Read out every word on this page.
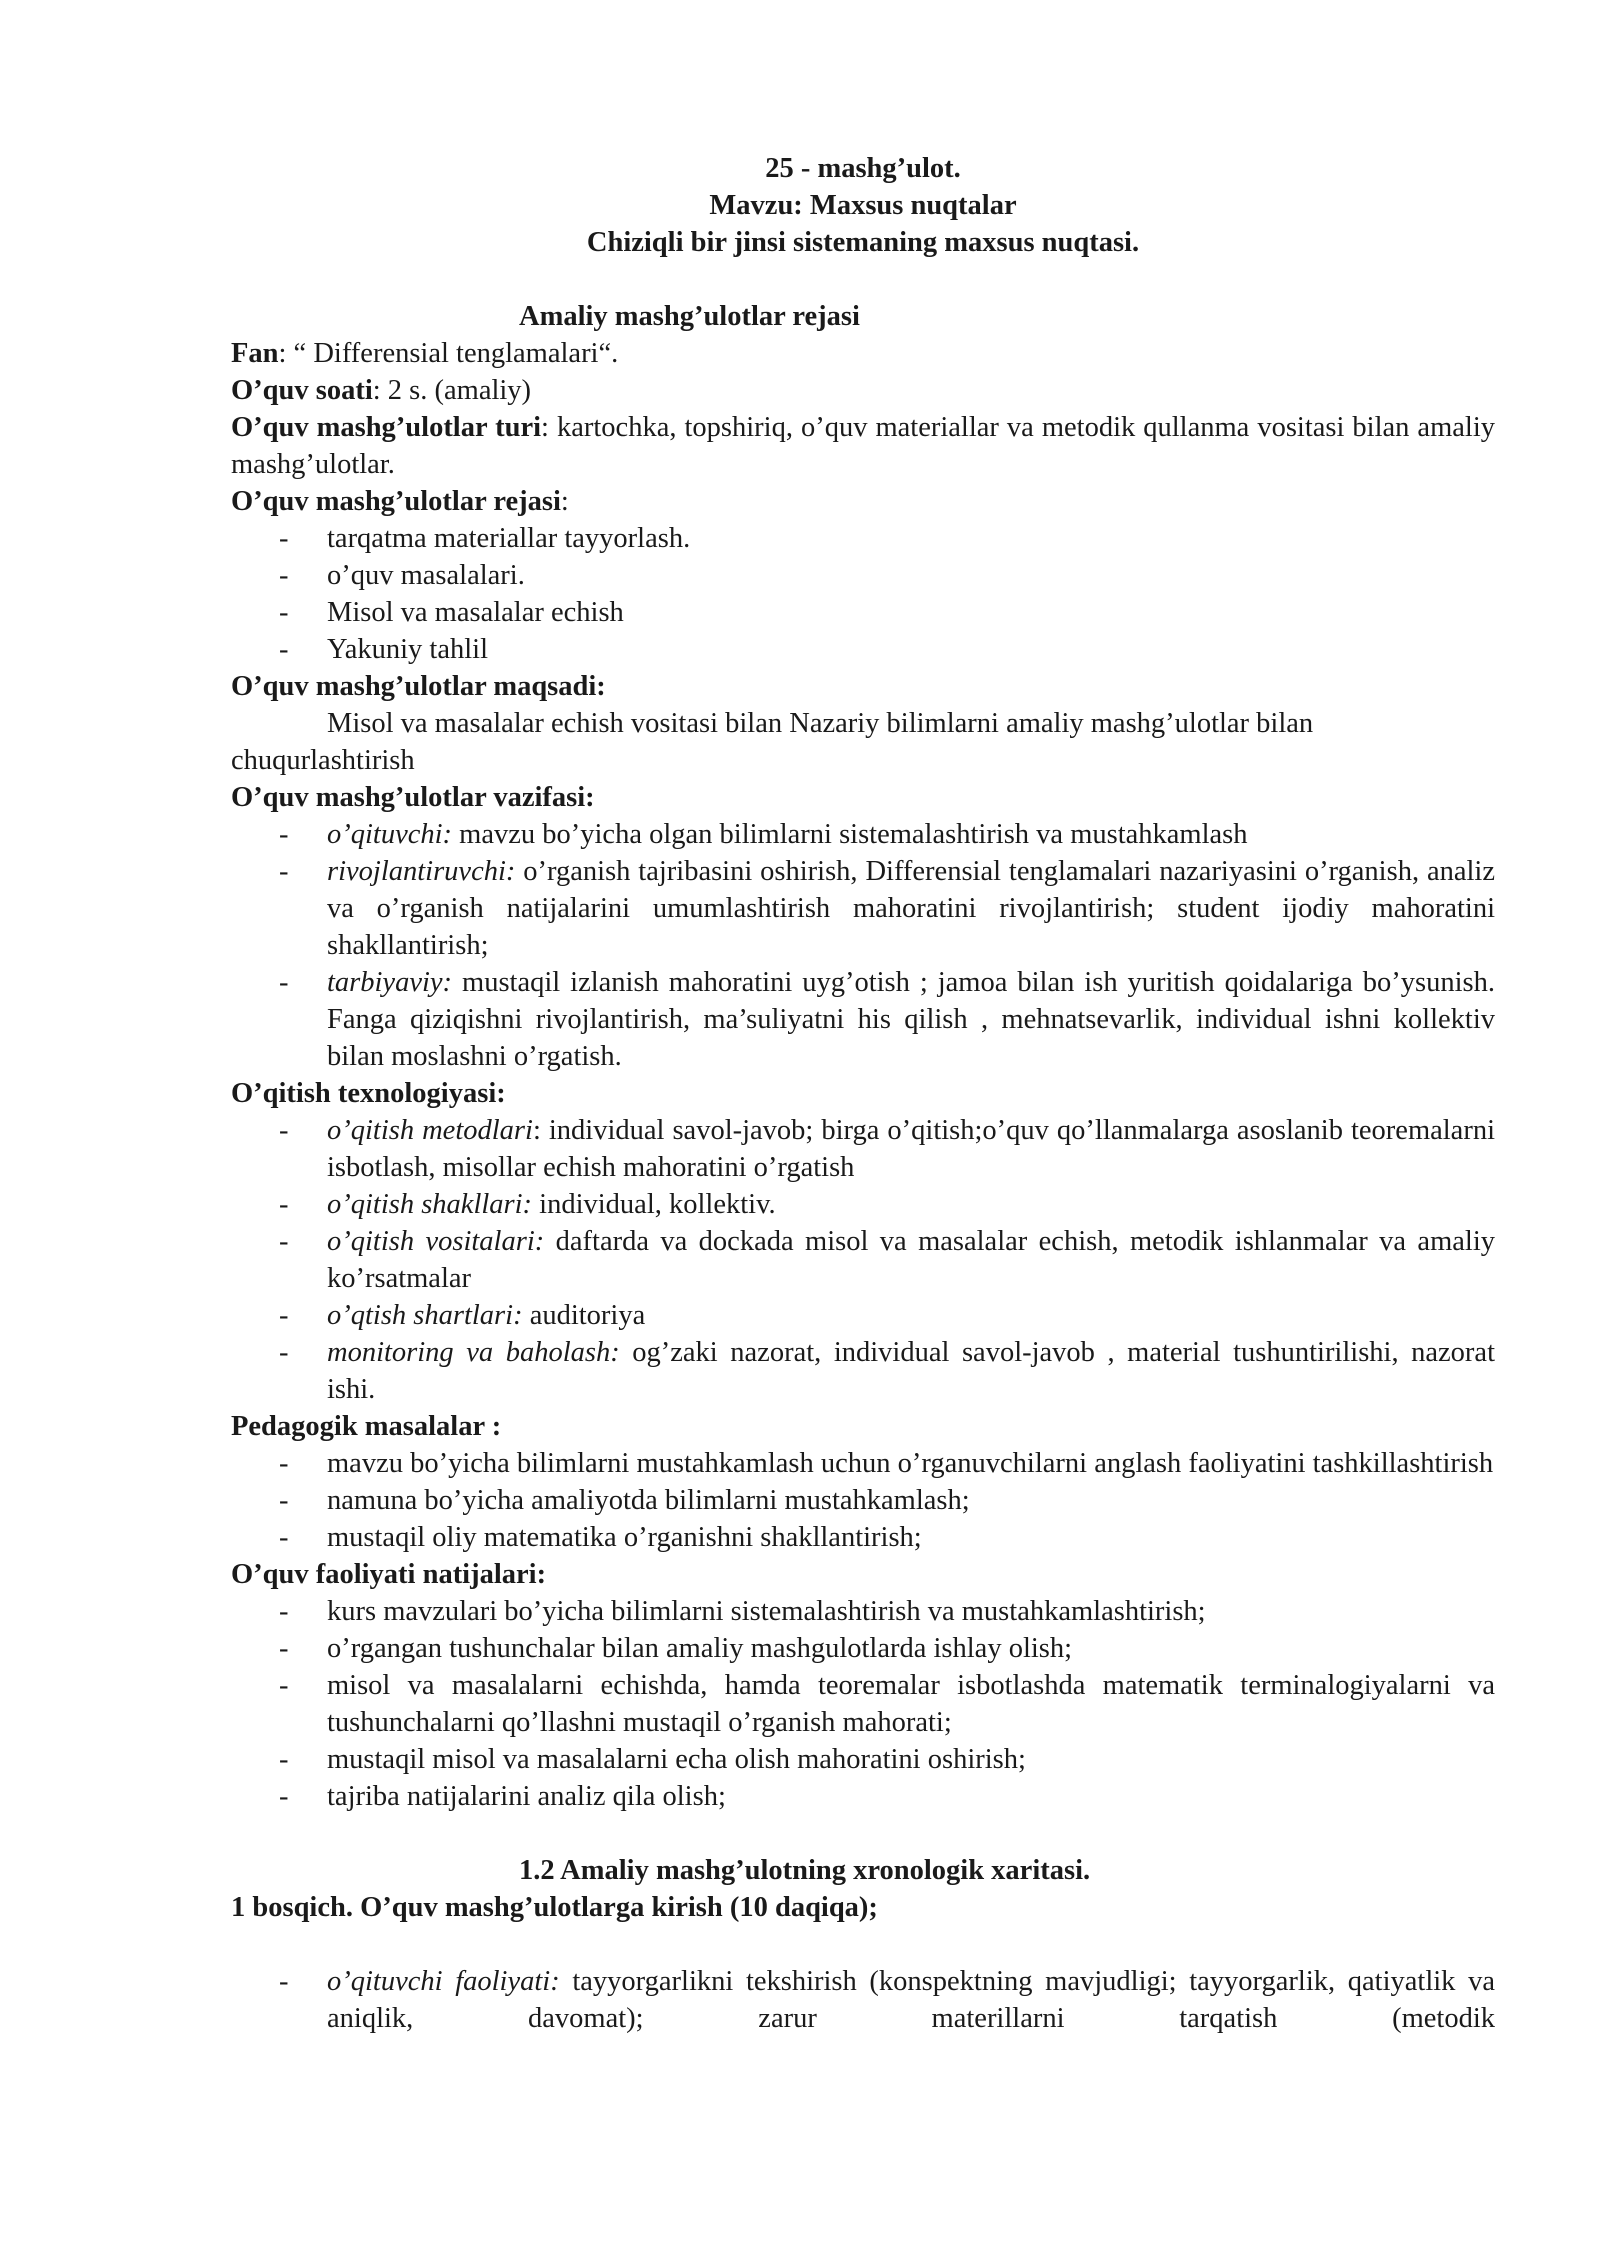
25 - mashg’ulot.

Mavzu: Maxsus nuqtalar

Chiziqli bir jinsi sistemaning maxsus nuqtasi.

Amaliy mashg’ulotlar rejasi

Fan: “ Differensial tenglamalari“.

O’quv soati: 2 s. (amaliy)

O’quv mashg’ulotlar turi: kartochka, topshiriq, o’quv materiallar va metodik qullanma vositasi bilan amaliy mashg’ulotlar.

O’quv mashg’ulotlar rejasi:

- tarqatma materiallar tayyorlash.
- o’quv masalalari.
- Misol va masalalar echish
- Yakuniy tahlil

O’quv mashg’ulotlar maqsadi:

Misol va masalalar echish vositasi bilan Nazariy bilimlarni amaliy mashg’ulotlar bilan chuqurlashtirish

O’quv mashg’ulotlar vazifasi:

- o’qituvchi: mavzu bo’yicha olgan bilimlarni sistemalashtirish va mustahkamlash
- rivojlantiruvchi: o’rganish tajribasini oshirish, Differensial tenglamalari nazariyasini o’rganish, analiz va o’rganish natijalarini umumlashtirish mahoratini rivojlantirish; student ijodiy mahoratini shakllantirish;
- tarbiyaviy: mustaqil izlanish mahoratini uyg’otish ; jamoa bilan ish yuritish qoidalariga bo’ysunish. Fanga qiziqishni rivojlantirish, ma’suliyatni his qilish , mehnatsevarlik, individual ishni kollektiv bilan moslashni o’rgatish.

O’qitish texnologiyasi:

- o’qitish metodlari: individual savol-javob; birga o’qitish;o’quv qo’llanmalarga asoslanib teoremalarni isbotlash, misollar echish mahoratini o’rgatish
- o’qitish shakllari: individual, kollektiv.
- o’qitish vositalari: daftarda va dockada misol va masalalar echish, metodik ishlanmalar va amaliy ko’rsatmalar
- o’qtish shartlari: auditoriya
- monitoring va baholash: og’zaki nazorat, individual savol-javob , material tushuntirilishi, nazorat ishi.

Pedagogik masalalar :

- mavzu bo’yicha bilimlarni mustahkamlash uchun o’rganuvchilarni anglash faoliyatini tashkillashtirish
- namuna bo’yicha amaliyotda bilimlarni mustahkamlash;
- mustaqil oliy matematika o’rganishni shakllantirish;

O’quv faoliyati natijalari:

- kurs mavzulari bo’yicha bilimlarni sistemalashtirish va mustahkamlashtirish;
- o’rgangan tushunchalar bilan amaliy mashgulotlarda ishlay olish;
- misol va masalalarni echishda, hamda teoremalar isbotlashda matematik terminalogiyalarni va tushunchalarni qo’llashni mustaqil o’rganish mahorati;
- mustaqil misol va masalalarni echa olish mahoratini oshirish;
- tajriba natijalarini analiz qila olish;

1.2 Amaliy mashg’ulotning xronologik xaritasi.

1 bosqich. O’quv mashg’ulotlarga kirish (10 daqiqa);

- o’qituvchi faoliyati: tayyorgarlikni tekshirish (konspektning mavjudligi; tayyorgarlik, qatiyatlik va aniqlik, davomat); zarur materillarni tarqatish (metodik
